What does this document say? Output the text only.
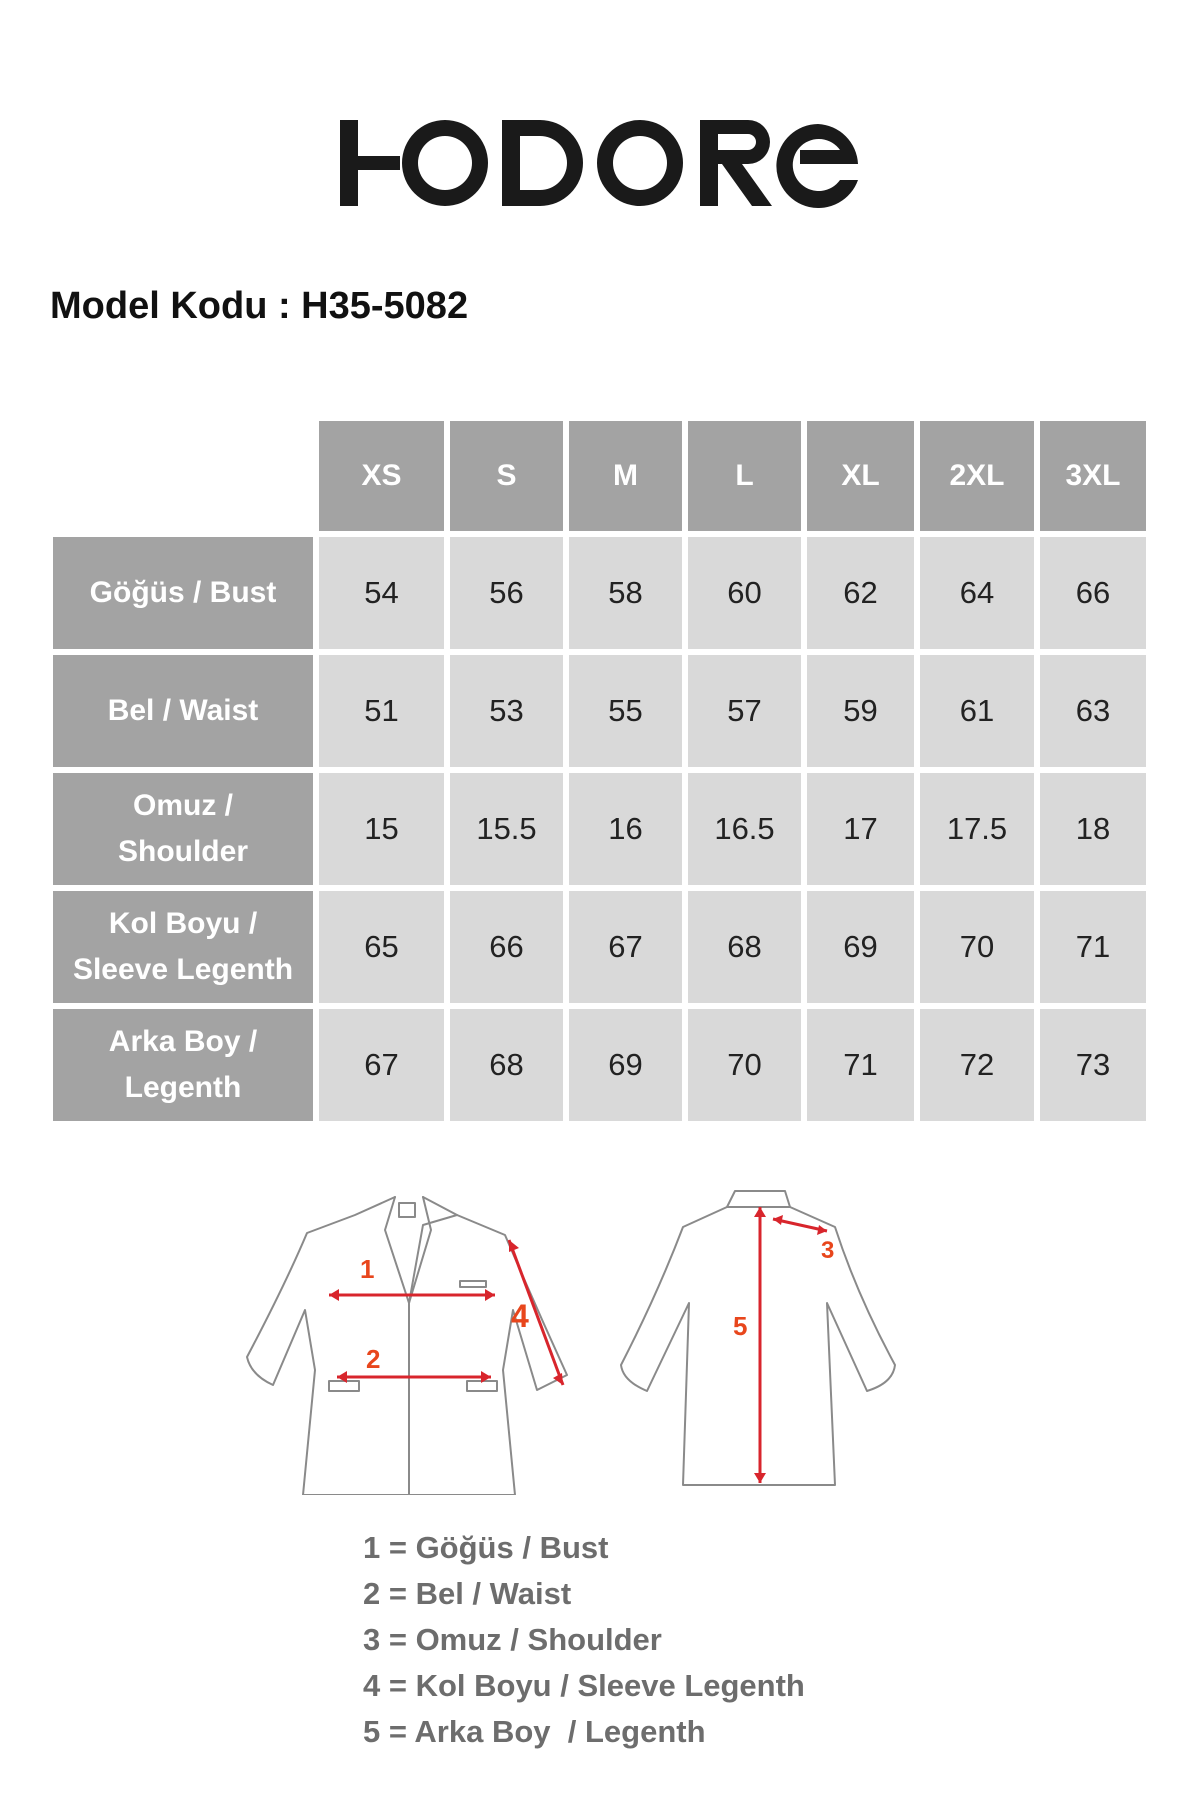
Model Kodu : H35-5082
	XS	S	M	L	XL	2XL	3XL

Göğüs / Bust	54	56	58	60	62	64	66

Bel / Waist	51	53	55	57	59	61	63

Omuz /
Shoulder	15	15.5	16	16.5	17	17.5	18

Kol Boyu /
Sleeve Legenth	65	66	67	68	69	70	71

Arka Boy /
Legenth	67	68	69	70	71	72	73
1
2
3
4	5
1 = Göğüs / Bust
2 = Bel / Waist
3 = Omuz / Shoulder
4 = Kol Boyu / Sleeve Legenth
5 = Arka Boy  / Legenth
